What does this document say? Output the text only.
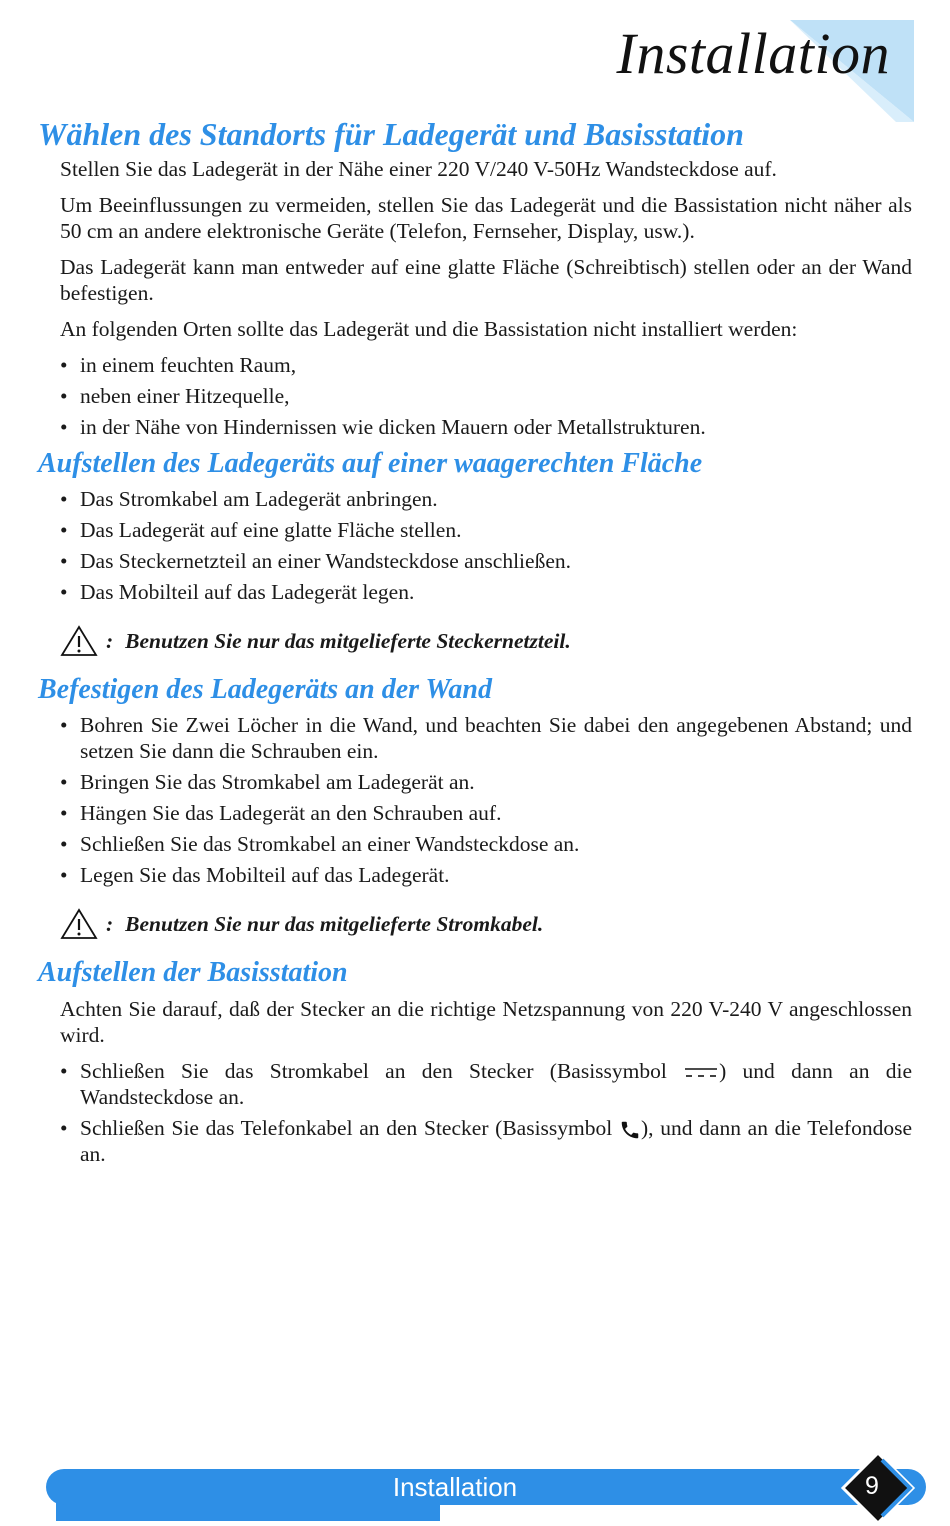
Installation
Wählen des Standorts für Ladegerät und Basisstation

Stellen Sie das Ladegerät in der Nähe einer 220 V/240 V-50Hz Wandsteckdose auf.

Um Beeinflussungen zu vermeiden, stellen Sie das Ladegerät und die Bassistation nicht näher als 50 cm an andere elektronische Geräte (Telefon, Fernseher, Display, usw.).

Das Ladegerät kann man entweder auf eine glatte Fläche (Schreibtisch) stellen oder an der Wand befestigen.

An folgenden Orten sollte das Ladegerät und die Bassistation nicht installiert werden:

• in einem feuchten Raum,
• neben einer Hitzequelle,
• in der Nähe von Hindernissen wie dicken Mauern oder Metallstrukturen.
Aufstellen des Ladegeräts auf einer waagerechten Fläche
• Das Stromkabel am Ladegerät anbringen.
• Das Ladegerät auf eine glatte Fläche stellen.
• Das Steckernetzteil an einer Wandsteckdose anschließen.
• Das Mobilteil auf das Ladegerät legen.
: Benutzen Sie nur das mitgelieferte Steckernetzteil.
Befestigen des Ladegeräts an der Wand
• Bohren Sie Zwei Löcher in die Wand, und beachten Sie dabei den angegebenen Abstand; und setzen Sie dann die Schrauben ein.
• Bringen Sie das Stromkabel am Ladegerät an.
• Hängen Sie das Ladegerät an den Schrauben auf.
• Schließen Sie das Stromkabel an einer Wandsteckdose an.
• Legen Sie das Mobilteil auf das Ladegerät.
: Benutzen Sie nur das mitgelieferte Stromkabel.
Aufstellen der Basisstation

Achten Sie darauf, daß der Stecker an die richtige Netzspannung von 220 V-240 V angeschlossen wird.

• Schließen Sie das Stromkabel an den Stecker (Basissymbol ) und dann an die Wandsteckdose an.
• Schließen Sie das Telefonkabel an den Stecker (Basissymbol ), und dann an die Telefondose an.
Installation	9
